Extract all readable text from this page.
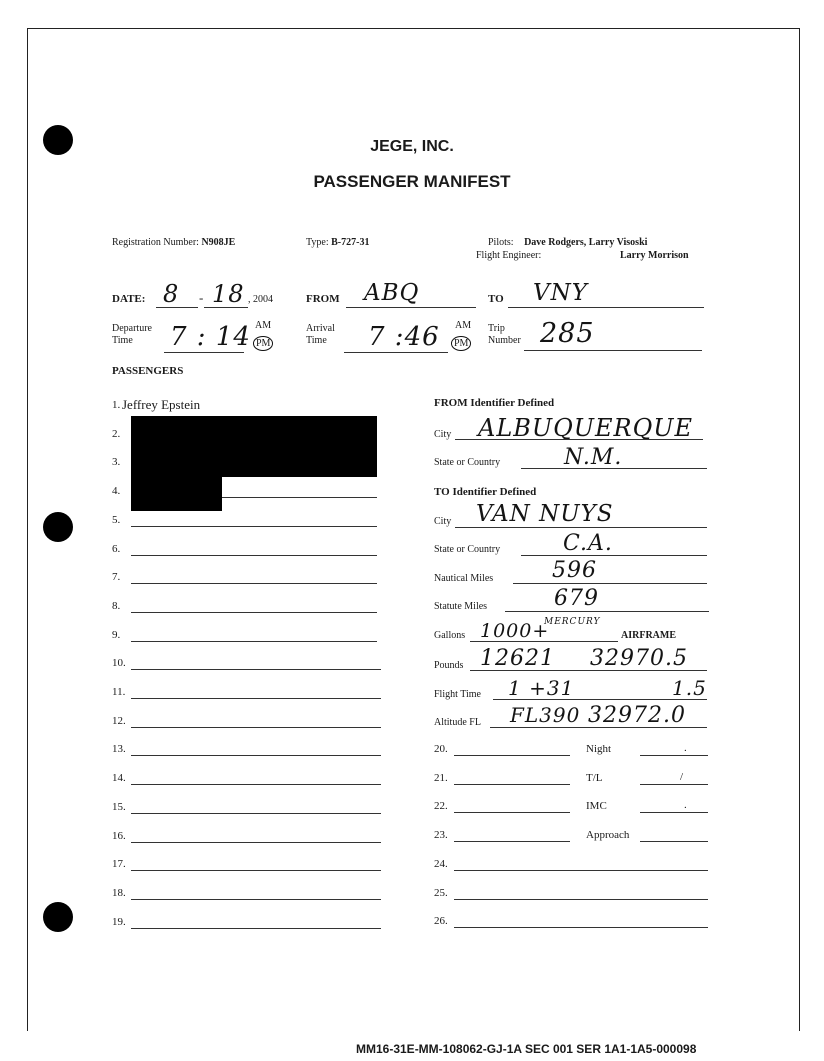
JEGE, INC.
PASSENGER MANIFEST
Registration Number: N908JE	Type: B-727-31	Pilots: Dave Rodgers, Larry Visoski
Flight Engineer:	Larry Morrison
DATE: 8 - 18 , 2004	FROM ABQ	TO VNY
Departure
Time	7 : 14 AM
PM
Arrival
Time	7 :46 AM
PM
Trip
Number 285
PASSENGERS
1. Jeffrey Epstein
2.
3.
4.
5.
6.
7.
8.
9.
10.
11.
12.
13.
14.
15.
16.
17.
18.
19.
FROM Identifier Defined
City ALBUQUERQUE
State or Country	N.M.
TO Identifier Defined
City VAN NUYS
State or Country	C.A.
Nautical Miles	596
Statute Miles	679
Gallons 1000+
MERCURY
AIRFRAME
Pounds 12621 32970.5
Flight Time 1 +31	1.5
Altitude FL FL390 32972.0
20.	Night	.
21.	T/L	/
22.	IMC	.
23.	Approach
24.
25.
26.
MM16-31E-MM-108062-GJ-1A SEC 001 SER 1A1-1A5-000098
